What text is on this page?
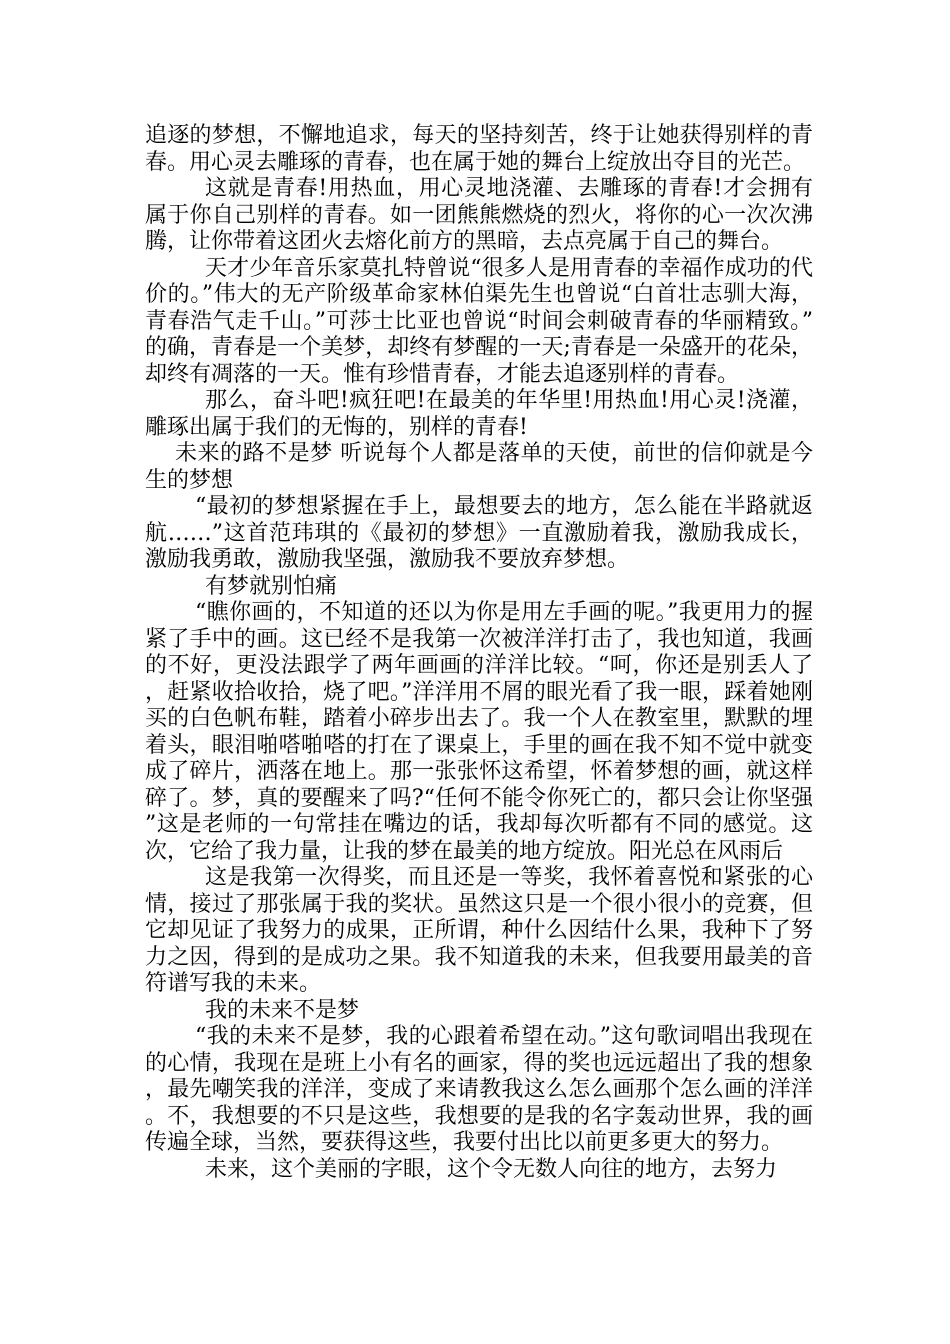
追逐的梦想，不懈地追求，每天的坚持刻苦，终于让她获得别样的青春。用心灵去雕琢的青春，也在属于她的舞台上绽放出夺目的光芒。

这就是青春!用热血，用心灵地浇灌、去雕琢的青春!才会拥有属于你自己别样的青春。如一团熊熊燃烧的烈火，将你的心一次次沸腾，让你带着这团火去熔化前方的黑暗，去点亮属于自己的舞台。

天才少年音乐家莫扎特曾说“很多人是用青春的幸福作成功的代价的。”伟大的无产阶级革命家林伯渠先生也曾说“白首壮志驯大海，青春浩气走千山。”可莎士比亚也曾说“时间会刺破青春的华丽精致。”的确，青春是一个美梦，却终有梦醒的一天;青春是一朵盛开的花朵，却终有凋落的一天。惟有珍惜青春，才能去追逐别样的青春。

那么，奋斗吧!疯狂吧!在最美的年华里!用热血!用心灵!浇灌，雕琢出属于我们的无悔的，别样的青春!

未来的路不是梦 听说每个人都是落单的天使，前世的信仰就是今生的梦想

“最初的梦想紧握在手上，最想要去的地方，怎么能在半路就返航……”这首范玮琪的《最初的梦想》一直激励着我，激励我成长，激励我勇敢，激励我坚强，激励我不要放弃梦想。

有梦就别怕痛

“瞧你画的，不知道的还以为你是用左手画的呢。”我更用力的握紧了手中的画。这已经不是我第一次被洋洋打击了，我也知道，我画的不好，更没法跟学了两年画画的洋洋比较。“呵，你还是别丢人了，赶紧收拾收拾，烧了吧。”洋洋用不屑的眼光看了我一眼，踩着她刚买的白色帆布鞋，踏着小碎步出去了。我一个人在教室里，默默的埋着头，眼泪啪嗒啪嗒的打在了课桌上，手里的画在我不知不觉中就变成了碎片，洒落在地上。那一张张怀这希望，怀着梦想的画，就这样碎了。梦，真的要醒来了吗?“任何不能令你死亡的，都只会让你坚强”这是老师的一句常挂在嘴边的话，我却每次听都有不同的感觉。这次，它给了我力量，让我的梦在最美的地方绽放。阳光总在风雨后

这是我第一次得奖，而且还是一等奖，我怀着喜悦和紧张的心情，接过了那张属于我的奖状。虽然这只是一个很小很小的竞赛，但它却见证了我努力的成果，正所谓，种什么因结什么果，我种下了努力之因，得到的是成功之果。我不知道我的未来，但我要用最美的音符谱写我的未来。

我的未来不是梦

“我的未来不是梦，我的心跟着希望在动。”这句歌词唱出我现在的心情，我现在是班上小有名的画家，得的奖也远远超出了我的想象，最先嘲笑我的洋洋，变成了来请教我这么怎么画那个怎么画的洋洋。不，我想要的不只是这些，我想要的是我的名字轰动世界，我的画传遍全球，当然，要获得这些，我要付出比以前更多更大的努力。

未来，这个美丽的字眼，这个令无数人向往的地方，去努力
